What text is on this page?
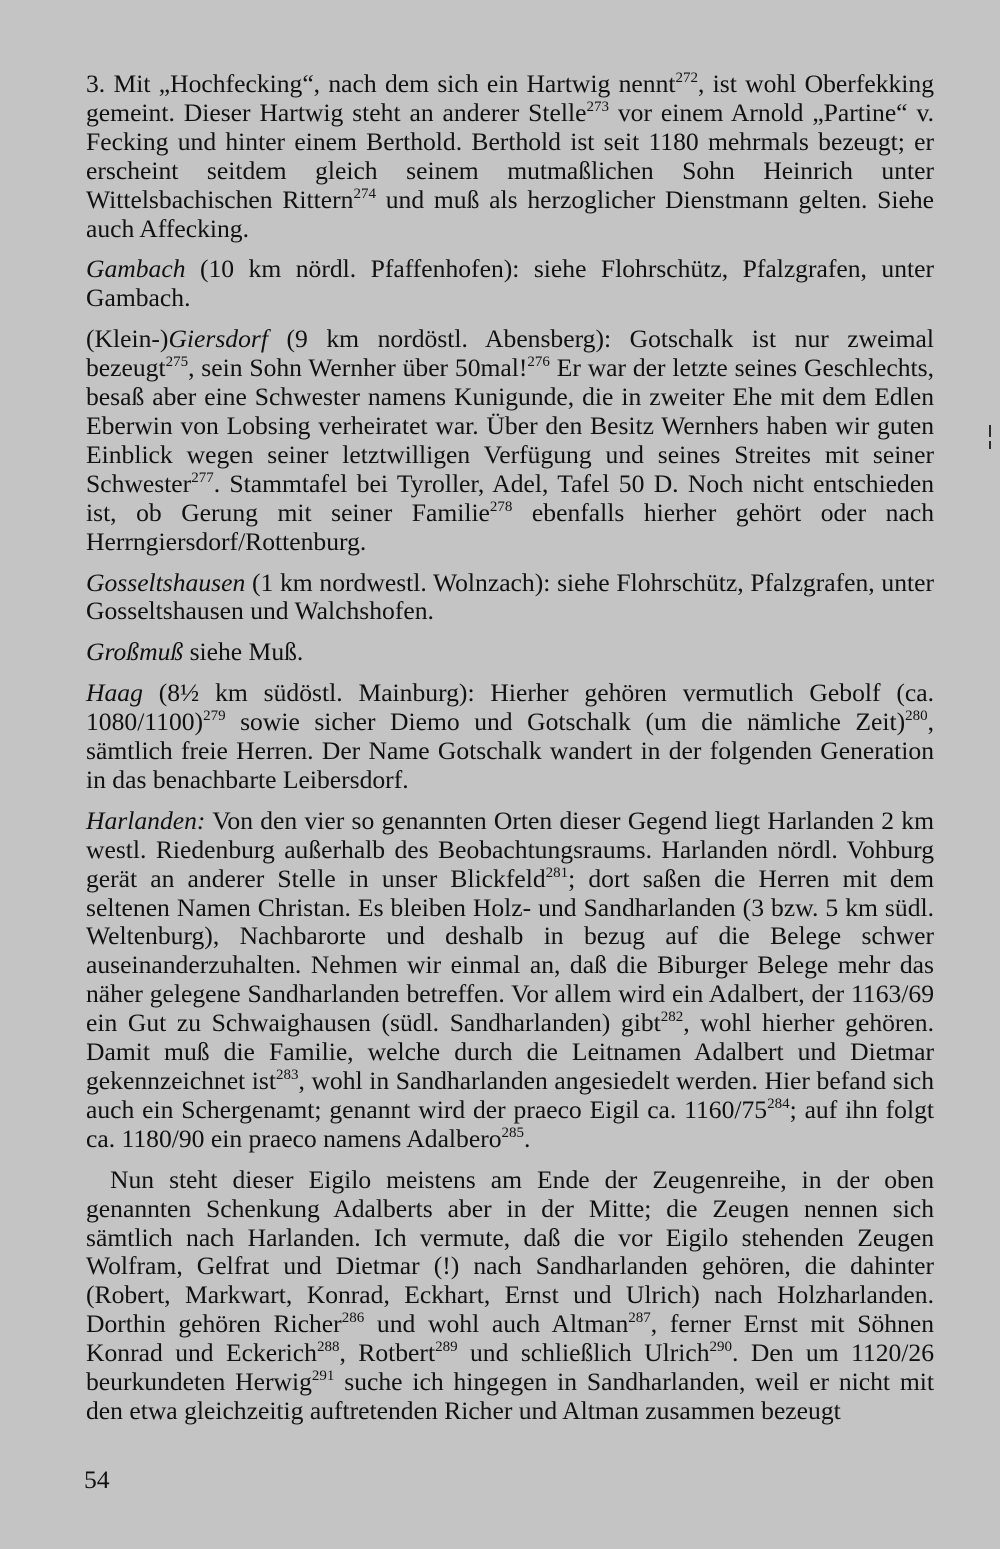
3. Mit „Hochfecking“, nach dem sich ein Hartwig nennt$^{272}$, ist wohl Oberfekking gemeint. Dieser Hartwig steht an anderer Stelle$^{273}$ vor einem Arnold „Partine“ v. Fecking und hinter einem Berthold. Berthold ist seit 1180 mehrmals bezeugt; er erscheint seitdem gleich seinem mutmaßlichen Sohn Heinrich unter Wittelsbachischen Rittern$^{274}$ und muß als herzoglicher Dienstmann gelten. Siehe auch Affecking.

Gambach (10 km nördl. Pfaffenhofen): siehe Flohrschütz, Pfalzgrafen, unter Gambach.

(Klein-)Giersdorf (9 km nordöstl. Abensberg): Gotschalk ist nur zweimal bezeugt$^{275}$, sein Sohn Wernher über 50mal!$^{276}$ Er war der letzte seines Geschlechts, besaß aber eine Schwester namens Kunigunde, die in zweiter Ehe mit dem Edlen Eberwin von Lobsing verheiratet war. Über den Besitz Wernhers haben wir guten Einblick wegen seiner letztwilligen Verfügung und seines Streites mit seiner Schwester$^{277}$. Stammtafel bei Tyroller, Adel, Tafel 50 D. Noch nicht entschieden ist, ob Gerung mit seiner Familie$^{278}$ ebenfalls hierher gehört oder nach Herrngiersdorf/Rottenburg.

Gosseltshausen (1 km nordwestl. Wolnzach): siehe Flohrschütz, Pfalzgrafen, unter Gosseltshausen und Walchshofen.

Großmuß siehe Muß.

Haag (8½ km südöstl. Mainburg): Hierher gehören vermutlich Gebolf (ca. 1080/1100)$^{279}$ sowie sicher Diemo und Gotschalk (um die nämliche Zeit)$^{280}$, sämtlich freie Herren. Der Name Gotschalk wandert in der folgenden Generation in das benachbarte Leibersdorf.

Harlanden: Von den vier so genannten Orten dieser Gegend liegt Harlanden 2 km westl. Riedenburg außerhalb des Beobachtungsraums. Harlanden nördl. Vohburg gerät an anderer Stelle in unser Blickfeld$^{281}$; dort saßen die Herren mit dem seltenen Namen Christan. Es bleiben Holz- und Sandharlanden (3 bzw. 5 km südl. Weltenburg), Nachbarorte und deshalb in bezug auf die Belege schwer auseinanderzuhalten. Nehmen wir einmal an, daß die Biburger Belege mehr das näher gelegene Sandharlanden betreffen. Vor allem wird ein Adalbert, der 1163/69 ein Gut zu Schwaighausen (südl. Sandharlanden) gibt$^{282}$, wohl hierher gehören. Damit muß die Familie, welche durch die Leitnamen Adalbert und Dietmar gekennzeichnet ist$^{283}$, wohl in Sandharlanden angesiedelt werden. Hier befand sich auch ein Schergenamt; genannt wird der praeco Eigil ca. $1160/75^{284}$; auf ihn folgt ca. 1180/90 ein praeco namens Adalbero$^{285}$.

Nun steht dieser Eigilo meistens am Ende der Zeugenreihe, in der oben genannten Schenkung Adalberts aber in der Mitte; die Zeugen nennen sich sämtlich nach Harlanden. Ich vermute, daß die vor Eigilo stehenden Zeugen Wolfram, Gelfrat und Dietmar (!) nach Sandharlanden gehören, die dahinter (Robert, Markwart, Konrad, Eckhart, Ernst und Ulrich) nach Holzharlanden. Dorthin gehören Richer$^{286}$ und wohl auch Altman$^{287}$, ferner Ernst mit Söhnen Konrad und Eckerich$^{288}$, Rotbert$^{289}$ und schließlich Ulrich$^{290}$. Den um 1120/26 beurkundeten Herwig$^{291}$ suche ich hingegen in Sandharlanden, weil er nicht mit den etwa gleichzeitig auftretenden Richer und Altman zusammen bezeugt

54
